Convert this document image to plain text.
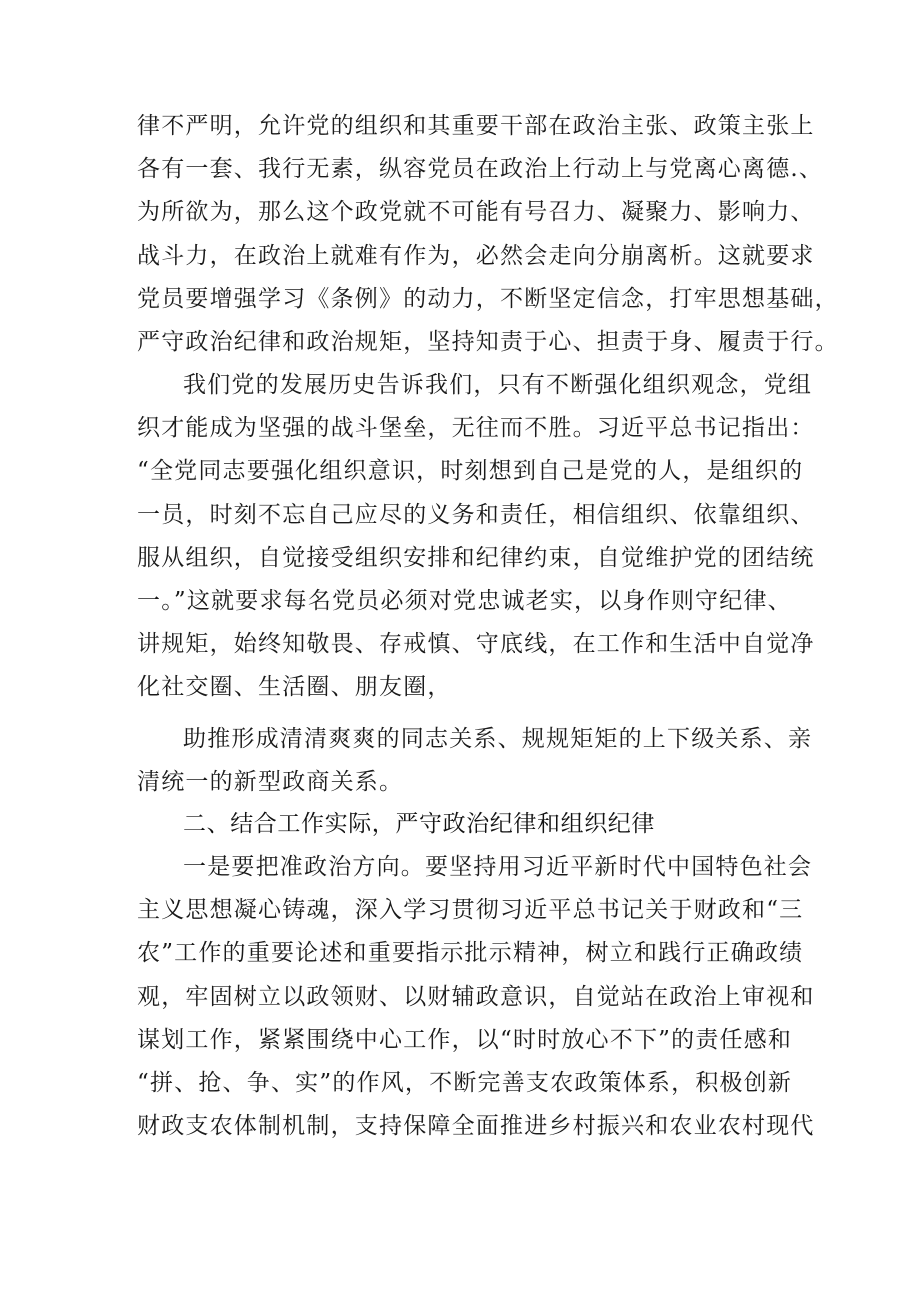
律不严明，允许党的组织和其重要干部在政治主张、政策主张上
各有一套、我行无素，纵容党员在政治上行动上与党离心离德.、
为所欲为，那么这个政党就不可能有号召力、凝聚力、影响力、
战斗力，在政治上就难有作为，必然会走向分崩离析。这就要求
党员要增强学习《条例》的动力，不断坚定信念，打牢思想基础，
严守政治纪律和政治规矩，坚持知责于心、担责于身、履责于行。
我们党的发展历史告诉我们，只有不断强化组织观念，党组
织才能成为坚强的战斗堡垒，无往而不胜。习近平总书记指出：
“全党同志要强化组织意识，时刻想到自己是党的人，是组织的
一员，时刻不忘自己应尽的义务和责任，相信组织、依靠组织、
服从组织，自觉接受组织安排和纪律约束，自觉维护党的团结统
一。”这就要求每名党员必须对党忠诚老实，以身作则守纪律、
讲规矩，始终知敬畏、存戒慎、守底线，在工作和生活中自觉净
化社交圈、生活圈、朋友圈，
助推形成清清爽爽的同志关系、规规矩矩的上下级关系、亲
清统一的新型政商关系。
二、结合工作实际，严守政治纪律和组织纪律
一是要把准政治方向。要坚持用习近平新时代中国特色社会
主义思想凝心铸魂，深入学习贯彻习近平总书记关于财政和“三
农”工作的重要论述和重要指示批示精神，树立和践行正确政绩
观，牢固树立以政领财、以财辅政意识，自觉站在政治上审视和
谋划工作，紧紧围绕中心工作，以“时时放心不下”的责任感和
“拼、抢、争、实”的作风，不断完善支农政策体系，积极创新
财政支农体制机制，支持保障全面推进乡村振兴和农业农村现代
